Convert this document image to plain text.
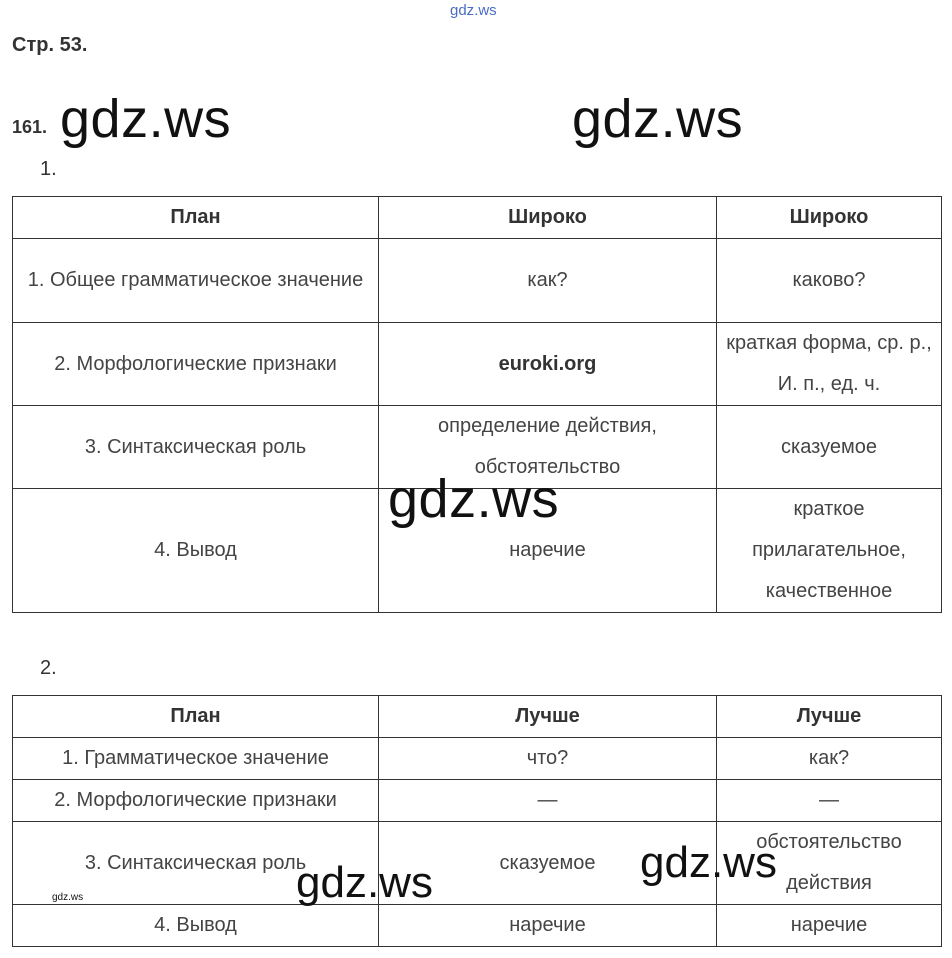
gdz.ws
Стр. 53.
161.
1.
План	Широко	Широко
1. Общее грамматическое значение	как?	каково?
2. Морфологические признаки	euroki.org	краткая форма, ср. р., И. п., ед. ч.
3. Синтаксическая роль	определение действия, обстоятельство	сказуемое
4. Вывод	наречие	краткое прилагательное, качественное
2.
План	Лучше	Лучше
1. Грамматическое значение	что?	как?
2. Морфологические признаки	—	—
3. Синтаксическая роль	сказуемое	обстоятельство действия
4. Вывод	наречие	наречие
gdz.ws	gdz.ws
gdz.ws
gdz.ws
gdz.ws
gdz.ws
